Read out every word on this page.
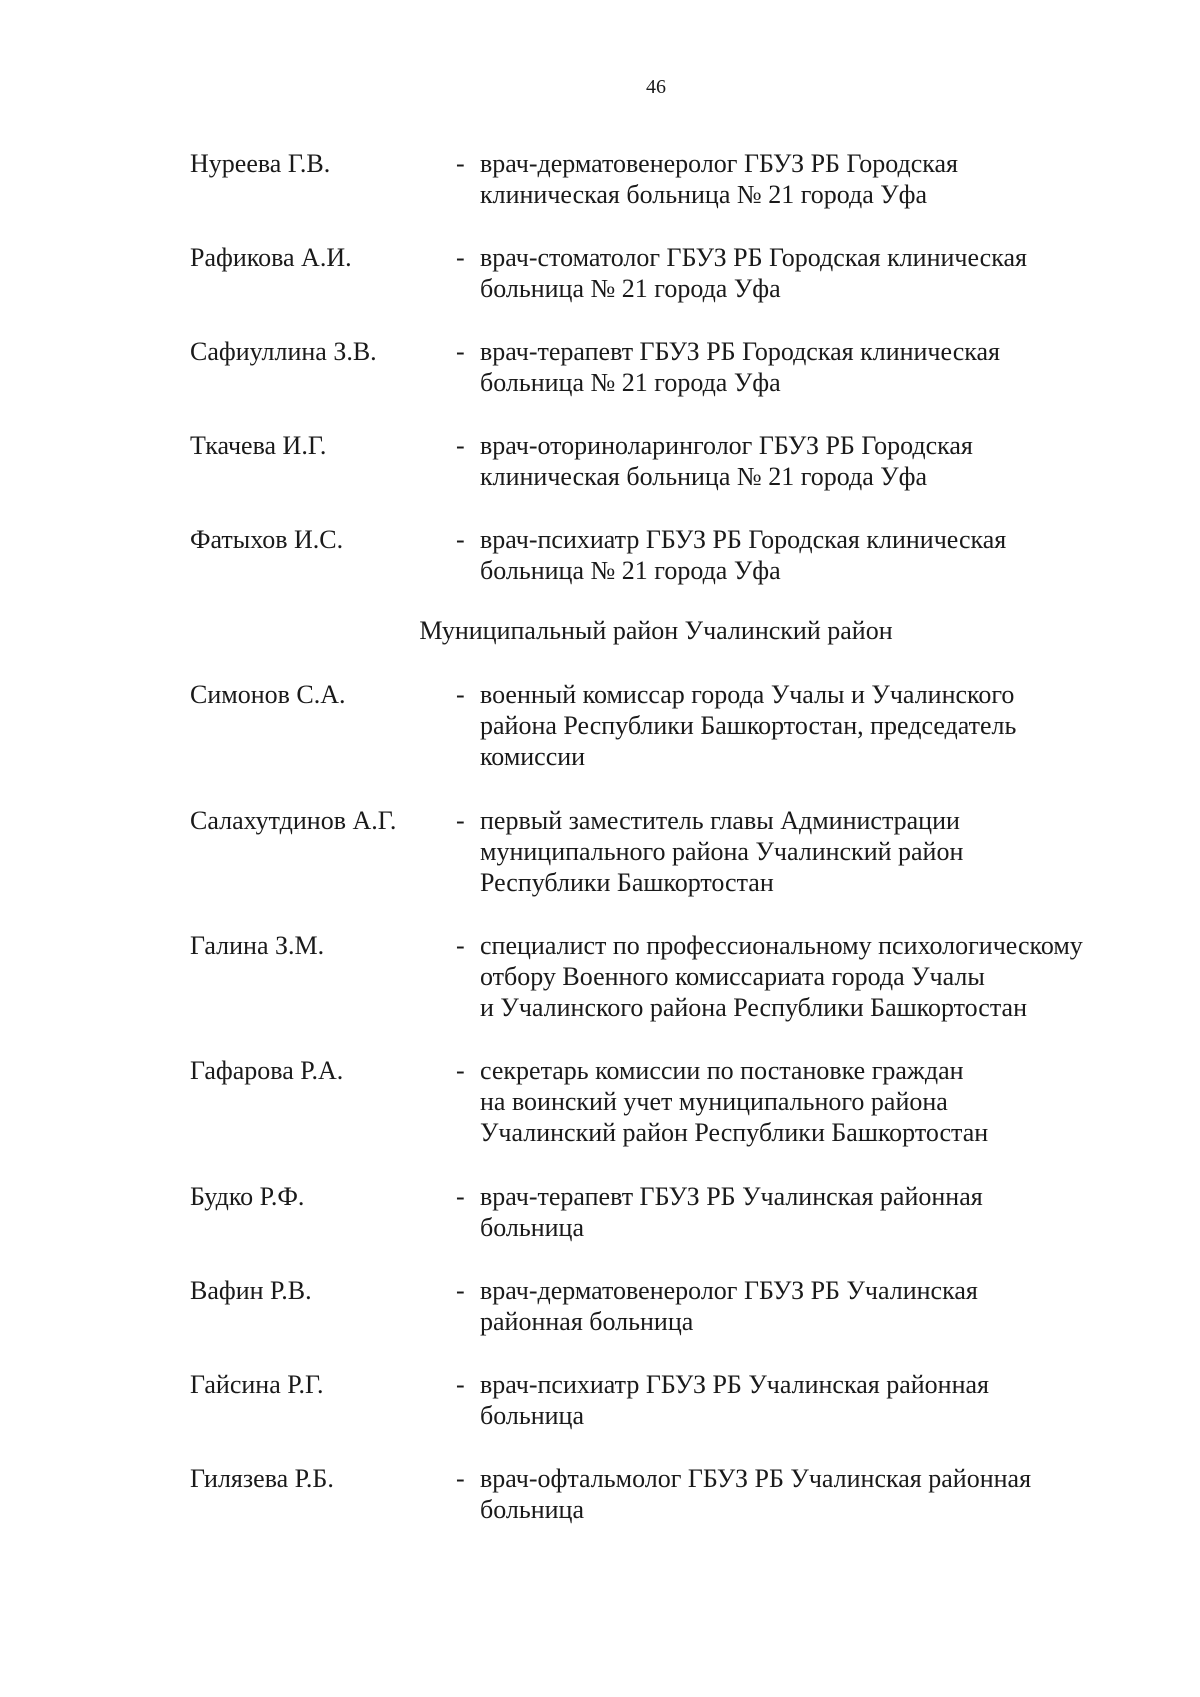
46
Нуреева Г.В.	- врач-дерматовенеролог ГБУЗ РБ Городская
клиническая больница № 21 города Уфа
Рафикова А.И.	- врач-стоматолог ГБУЗ РБ Городская клиническая
больница № 21 города Уфа
Сафиуллина З.В.	- врач-терапевт ГБУЗ РБ Городская клиническая
больница № 21 города Уфа
Ткачева И.Г.	- врач-оториноларинголог ГБУЗ РБ Городская
клиническая больница № 21 города Уфа
Фатыхов И.С.	- врач-психиатр ГБУЗ РБ Городская клиническая
больница № 21 города Уфа
Муниципальный район Учалинский район
Симонов С.А.	- военный комиссар города Учалы и Учалинского
района Республики Башкортостан, председатель
комиссии
Салахутдинов А.Г. - первый заместитель главы Администрации
муниципального района Учалинский район
Республики Башкортостан
Галина З.М.	- специалист по профессиональному психологическому
отбору Военного комиссариата города Учалы
и Учалинского района Республики Башкортостан
Гафарова Р.А.	- секретарь комиссии по постановке граждан
на воинский учет муниципального района
Учалинский район Республики Башкортостан
Будко Р.Ф.	- врач-терапевт ГБУЗ РБ Учалинская районная
больница
Вафин Р.В.	- врач-дерматовенеролог ГБУЗ РБ Учалинская
районная больница
Гайсина Р.Г.	- врач-психиатр ГБУЗ РБ Учалинская районная
больница
Гилязева Р.Б.	- врач-офтальмолог ГБУЗ РБ Учалинская районная
больница
